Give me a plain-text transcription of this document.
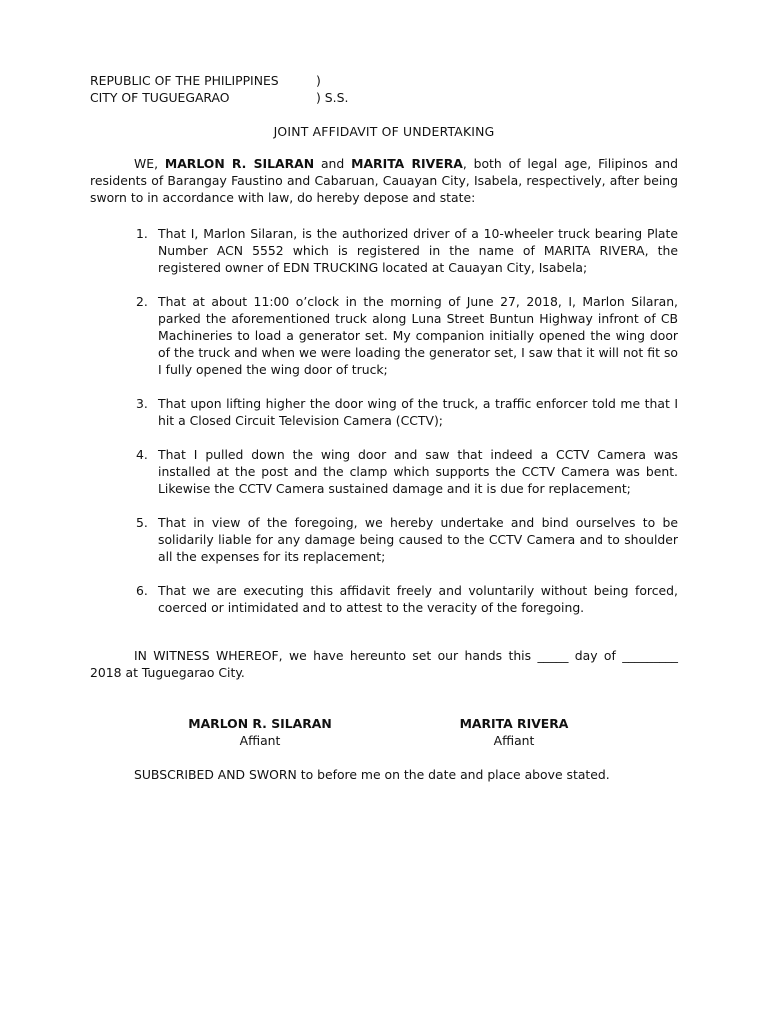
REPUBLIC OF THE PHILIPPINES	)
CITY OF TUGUEGARAO	) S.S.
JOINT AFFIDAVIT OF UNDERTAKING
WE, MARLON R. SILARAN and MARITA RIVERA, both of legal age, Filipinos and residents of Barangay Faustino and Cabaruan, Cauayan City, Isabela, respectively, after being sworn to in accordance with law, do hereby depose and state:
1. That I, Marlon Silaran, is the authorized driver of a 10-wheeler truck bearing Plate Number ACN 5552 which is registered in the name of MARITA RIVERA, the registered owner of EDN TRUCKING located at Cauayan City, Isabela;
2. That at about 11:00 o’clock in the morning of June 27, 2018, I, Marlon Silaran, parked the aforementioned truck along Luna Street Buntun Highway infront of CB Machineries to load a generator set. My companion initially opened the wing door of the truck and when we were loading the generator set, I saw that it will not fit so I fully opened the wing door of truck;
3. That upon lifting higher the door wing of the truck, a traffic enforcer told me that I hit a Closed Circuit Television Camera (CCTV);
4. That I pulled down the wing door and saw that indeed a CCTV Camera was installed at the post and the clamp which supports the CCTV Camera was bent. Likewise the CCTV Camera sustained damage and it is due for replacement;
5. That in view of the foregoing, we hereby undertake and bind ourselves to be solidarily liable for any damage being caused to the CCTV Camera and to shoulder all the expenses for its replacement;
6. That we are executing this affidavit freely and voluntarily without being forced, coerced or intimidated and to attest to the veracity of the foregoing.
IN WITNESS WHEREOF, we have hereunto set our hands this _____ day of _________ 2018 at Tuguegarao City.
MARLON R. SILARAN
Affiant
MARITA RIVERA
Affiant
SUBSCRIBED AND SWORN to before me on the date and place above stated.
